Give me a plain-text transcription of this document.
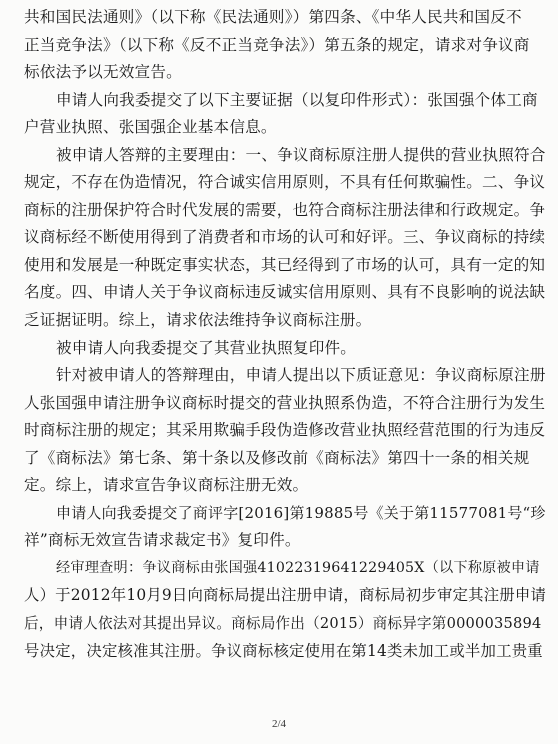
共和国民法通则》（以下称《民法通则》）第四条、《中华人民共和国反不
正当竞争法》（以下称《反不正当竞争法》）第五条的规定，请求对争议商
标依法予以无效宣告。
申请人向我委提交了以下主要证据（以复印件形式）：张国强个体工商
户营业执照、张国强企业基本信息。
被申请人答辩的主要理由：一、争议商标原注册人提供的营业执照符合
规定，不存在伪造情况，符合诚实信用原则，不具有任何欺骗性。二、争议
商标的注册保护符合时代发展的需要，也符合商标注册法律和行政规定。争
议商标经不断使用得到了消费者和市场的认可和好评。三、争议商标的持续
使用和发展是一种既定事实状态，其已经得到了市场的认可，具有一定的知
名度。四、申请人关于争议商标违反诚实信用原则、具有不良影响的说法缺
乏证据证明。综上，请求依法维持争议商标注册。
被申请人向我委提交了其营业执照复印件。
针对被申请人的答辩理由，申请人提出以下质证意见：争议商标原注册
人张国强申请注册争议商标时提交的营业执照系伪造，不符合注册行为发生
时商标注册的规定；其采用欺骗手段伪造修改营业执照经营范围的行为违反
了《商标法》第七条、第十条以及修改前《商标法》第四十一条的相关规
定。综上，请求宣告争议商标注册无效。
申请人向我委提交了商评字[2016]第19885号《关于第11577081号“珍
祥”商标无效宣告请求裁定书》复印件。
经审理查明：争议商标由张国强41022319641229405X（以下称原被申请
人）于2012年10月9日向商标局提出注册申请，商标局初步审定其注册申请
后，申请人依法对其提出异议。商标局作出（2015）商标异字第0000035894
号决定，决定核准其注册。争议商标核定使用在第14类未加工或半加工贵重
2/4
